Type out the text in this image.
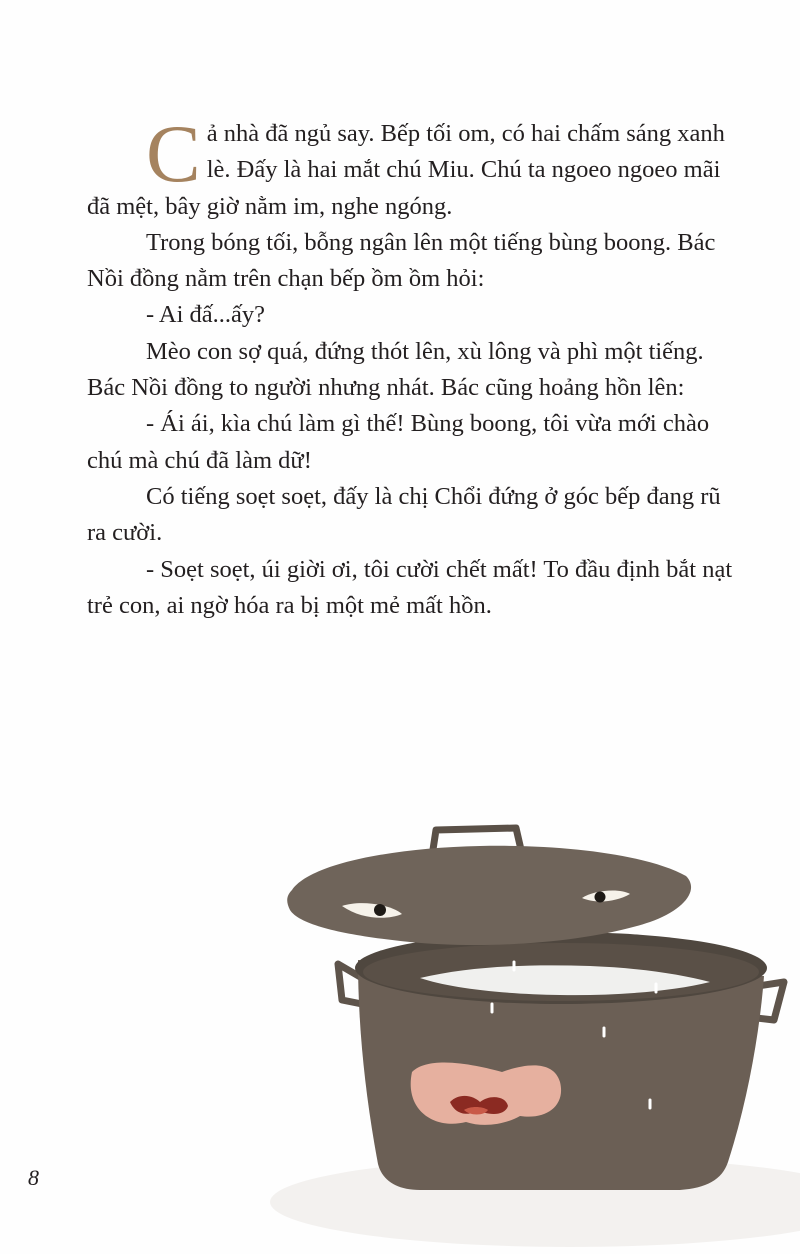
Cả nhà đã ngủ say. Bếp tối om, có hai chấm sáng xanh lè. Đấy là hai mắt chú Miu. Chú ta ngoeo ngoeo mãi đã mệt, bây giờ nằm im, nghe ngóng.

Trong bóng tối, bỗng ngân lên một tiếng bùng boong. Bác Nồi đồng nằm trên chạn bếp ồm ồm hỏi:

- Ai đấ...ấy?

Mèo con sợ quá, đứng thót lên, xù lông và phì một tiếng. Bác Nồi đồng to người nhưng nhát. Bác cũng hoảng hồn lên:

- Ái ái, kìa chú làm gì thế! Bùng boong, tôi vừa mới chào chú mà chú đã làm dữ!

Có tiếng soẹt soẹt, đấy là chị Chổi đứng ở góc bếp đang rũ ra cười.

- Soẹt soẹt, úi giời ơi, tôi cười chết mất! To đầu định bắt nạt trẻ con, ai ngờ hóa ra bị một mẻ mất hồn.

8
